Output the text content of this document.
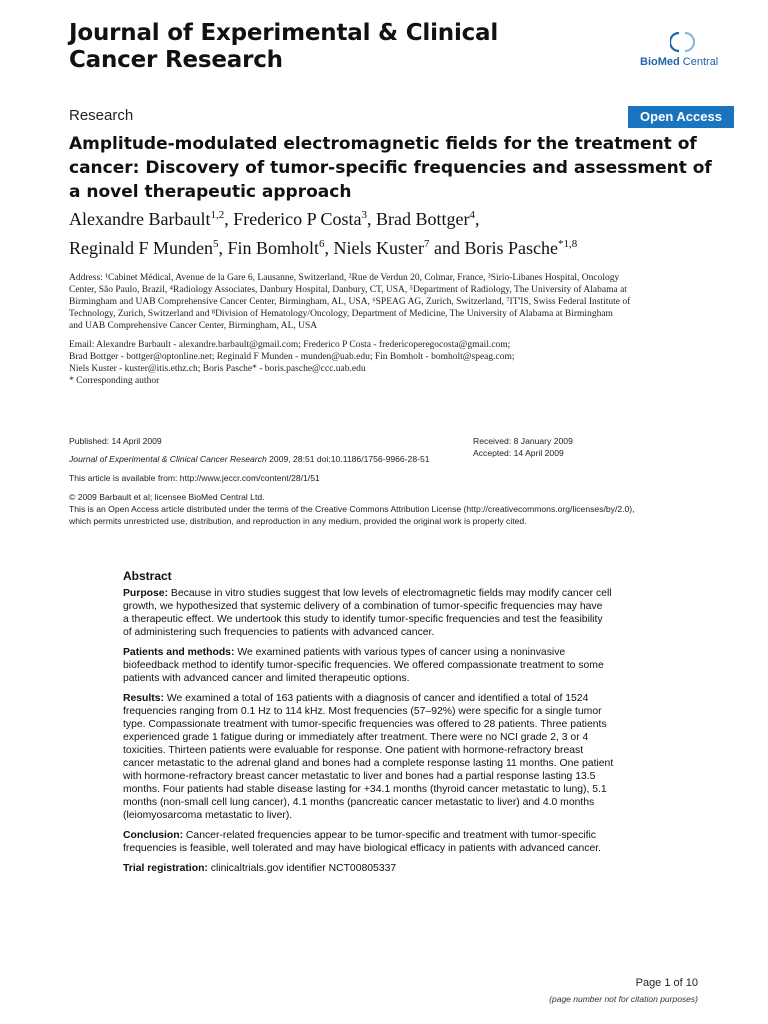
Journal of Experimental & Clinical
Cancer Research	BioMed Central
Research	Open Access
Amplitude-modulated electromagnetic fields for the treatment of
cancer: Discovery of tumor-specific frequencies and assessment of
a novel therapeutic approach
Alexandre Barbault$^{1,2}$, Frederico P Costa$^3$, Brad Bottger$^4$,
Reginald F Munden$^5$, Fin Bomholt$^6$, Niels Kuster$^7$ and Boris Pasche$^{*1,8}$
Address: ¹Cabinet Médical, Avenue de la Gare 6, Lausanne, Switzerland, ²Rue de Verdun 20, Colmar, France, ³Sirio-Libanes Hospital, Oncology
Center, São Paulo, Brazil, ⁴Radiology Associates, Danbury Hospital, Danbury, CT, USA, ⁵Department of Radiology, The University of Alabama at
Birmingham and UAB Comprehensive Cancer Center, Birmingham, AL, USA, ⁶SPEAG AG, Zurich, Switzerland, ⁷IT'IS, Swiss Federal Institute of
Technology, Zurich, Switzerland and ⁸Division of Hematology/Oncology, Department of Medicine, The University of Alabama at Birmingham
and UAB Comprehensive Cancer Center, Birmingham, AL, USA
Email: Alexandre Barbault - alexandre.barbault@gmail.com; Frederico P Costa - fredericoperegocosta@gmail.com;
Brad Bottger - bottger@optonline.net; Reginald F Munden - munden@uab.edu; Fin Bomholt - bomholt@speag.com;
Niels Kuster - kuster@itis.ethz.ch; Boris Pasche* - boris.pasche@ccc.uab.edu
* Corresponding author
Published: 14 April 2009	Received: 8 January 2009
Journal of Experimental & Clinical Cancer Research 2009, 28:51 doi:10.1186/1756-9966-28-51
Accepted: 14 April 2009
This article is available from: http://www.jeccr.com/content/28/1/51
© 2009 Barbault et al; licensee BioMed Central Ltd.
This is an Open Access article distributed under the terms of the Creative Commons Attribution License (http://creativecommons.org/licenses/by/2.0),
which permits unrestricted use, distribution, and reproduction in any medium, provided the original work is properly cited.
Abstract
Purpose: Because in vitro studies suggest that low levels of electromagnetic fields may modify cancer cell
growth, we hypothesized that systemic delivery of a combination of tumor-specific frequencies may have
a therapeutic effect. We undertook this study to identify tumor-specific frequencies and test the feasibility
of administering such frequencies to patients with advanced cancer.
Patients and methods: We examined patients with various types of cancer using a noninvasive
biofeedback method to identify tumor-specific frequencies. We offered compassionate treatment to some
patients with advanced cancer and limited therapeutic options.
Results: We examined a total of 163 patients with a diagnosis of cancer and identified a total of 1524
frequencies ranging from 0.1 Hz to 114 kHz. Most frequencies (57–92%) were specific for a single tumor
type. Compassionate treatment with tumor-specific frequencies was offered to 28 patients. Three patients
experienced grade 1 fatigue during or immediately after treatment. There were no NCI grade 2, 3 or 4
toxicities. Thirteen patients were evaluable for response. One patient with hormone-refractory breast
cancer metastatic to the adrenal gland and bones had a complete response lasting 11 months. One patient
with hormone-refractory breast cancer metastatic to liver and bones had a partial response lasting 13.5
months. Four patients had stable disease lasting for +34.1 months (thyroid cancer metastatic to lung), 5.1
months (non-small cell lung cancer), 4.1 months (pancreatic cancer metastatic to liver) and 4.0 months
(leiomyosarcoma metastatic to liver).
Conclusion: Cancer-related frequencies appear to be tumor-specific and treatment with tumor-specific
frequencies is feasible, well tolerated and may have biological efficacy in patients with advanced cancer.
Trial registration: clinicaltrials.gov identifier NCT00805337
Page 1 of 10
(page number not for citation purposes)
